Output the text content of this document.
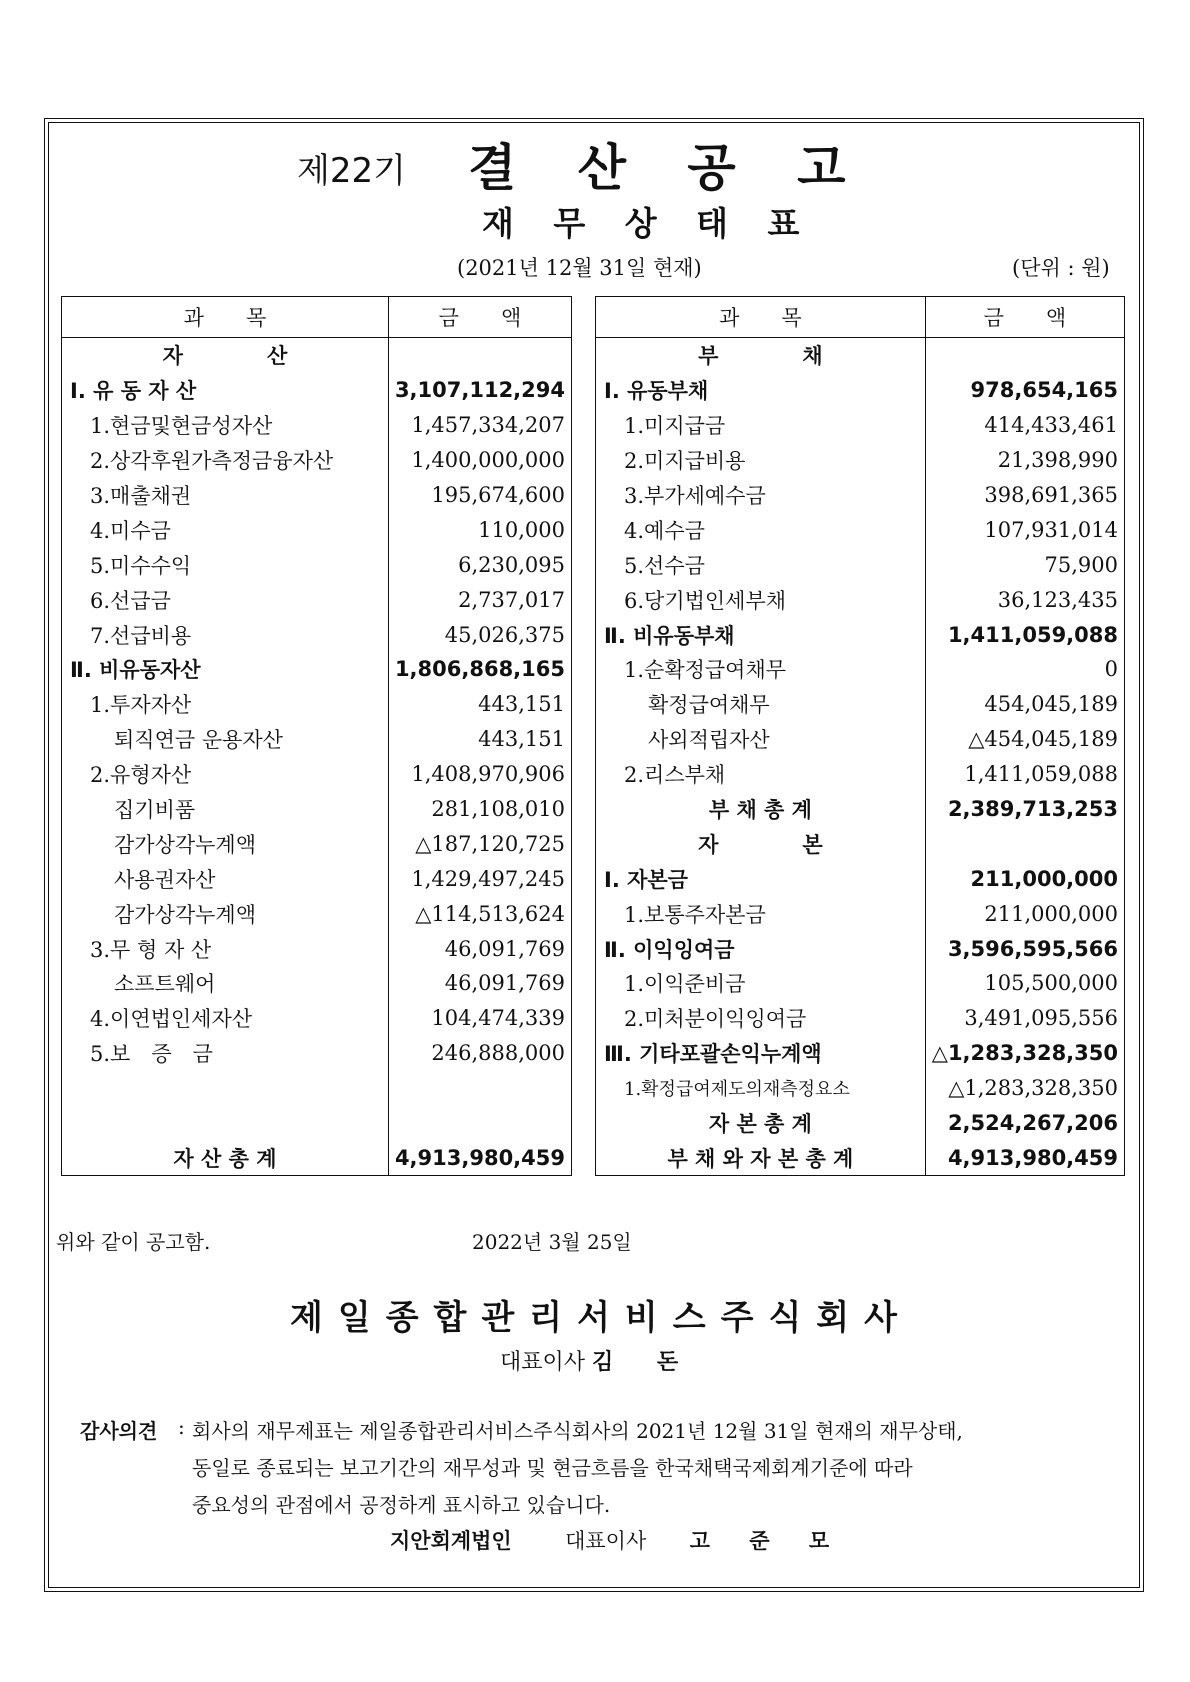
제22기 결 산 공 고
재 무 상 태 표
(2021년 12월 31일 현재)	(단위 : 원)
과　　목	금　　액
자　　　　산	
Ⅰ. 유 동 자 산	3,107,112,294
1.현금및현금성자산	1,457,334,207
2.상각후원가측정금융자산	1,400,000,000
3.매출채권	195,674,600
4.미수금	110,000
5.미수수익	6,230,095
6.선급금	2,737,017
7.선급비용	45,026,375
Ⅱ. 비유동자산	1,806,868,165
1.투자자산	443,151
퇴직연금 운용자산	443,151
2.유형자산	1,408,970,906
집기비품	281,108,010
감가상각누계액	△187,120,725
사용권자산	1,429,497,245
감가상각누계액	△114,513,624
3.무 형 자 산	46,091,769
소프트웨어	46,091,769
4.이연법인세자산	104,474,339
5.보　증　금	246,888,000

자 산 총 계	4,913,980,459
과　　목	금　　액
부　　　　채	
Ⅰ. 유동부채	978,654,165
1.미지급금	414,433,461
2.미지급비용	21,398,990
3.부가세예수금	398,691,365
4.예수금	107,931,014
5.선수금	75,900
6.당기법인세부채	36,123,435
Ⅱ. 비유동부채	1,411,059,088
1.순확정급여채무	0
확정급여채무	454,045,189
사외적립자산	△454,045,189
2.리스부채	1,411,059,088
부 채 총 계	2,389,713,253
자　　　　본	
Ⅰ. 자본금	211,000,000
1.보통주자본금	211,000,000
Ⅱ. 이익잉여금	3,596,595,566
1.이익준비금	105,500,000
2.미처분이익잉여금	3,491,095,556
Ⅲ. 기타포괄손익누계액	△1,283,328,350
1.확정급여제도의재측정요소	△1,283,328,350
자 본 총 계	2,524,267,206
부 채 와 자 본 총 계	4,913,980,459
위와 같이 공고함.	2022년 3월 25일
제일종합관리서비스주식회사
대표이사 김 돈
감사의견 : 회사의 재무제표는 제일종합관리서비스주식회사의 2021년 12월 31일 현재의 재무상태,
동일로 종료되는 보고기간의 재무성과 및 현금흐름을 한국채택국제회계기준에 따라
중요성의 관점에서 공정하게 표시하고 있습니다.
지안회계법인	대표이사 고 준 모
